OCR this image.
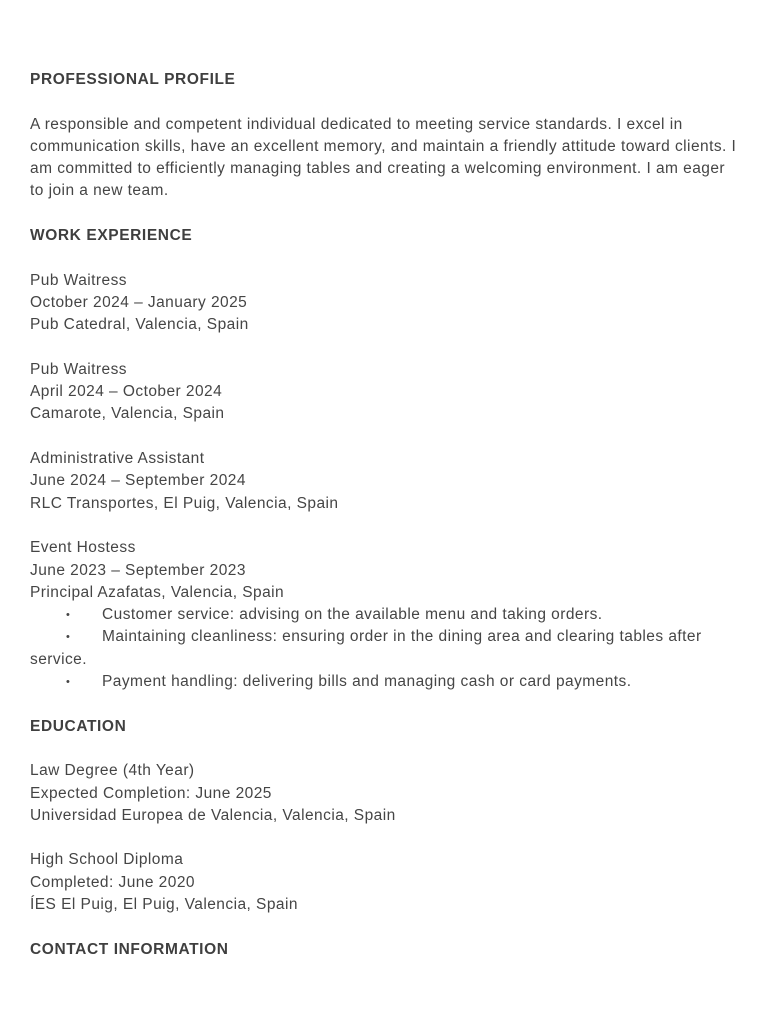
PROFESSIONAL PROFILE

A responsible and competent individual dedicated to meeting service standards. I excel in
communication skills, have an excellent memory, and maintain a friendly attitude toward clients. I
am committed to efficiently managing tables and creating a welcoming environment. I am eager
to join a new team.

WORK EXPERIENCE

Pub Waitress
October 2024 – January 2025
Pub Catedral, Valencia, Spain
Pub Waitress
April 2024 – October 2024
Camarote, Valencia, Spain
Administrative Assistant
June 2024 – September 2024
RLC Transportes, El Puig, Valencia, Spain
Event Hostess
June 2023 – September 2023
Principal Azafatas, Valencia, Spain
• Customer service: advising on the available menu and taking orders.
• Maintaining cleanliness: ensuring order in the dining area and clearing tables after
service.
• Payment handling: delivering bills and managing cash or card payments.

EDUCATION

Law Degree (4th Year)
Expected Completion: June 2025
Universidad Europea de Valencia, Valencia, Spain
High School Diploma
Completed: June 2020
ÍES El Puig, El Puig, Valencia, Spain

CONTACT INFORMATION
